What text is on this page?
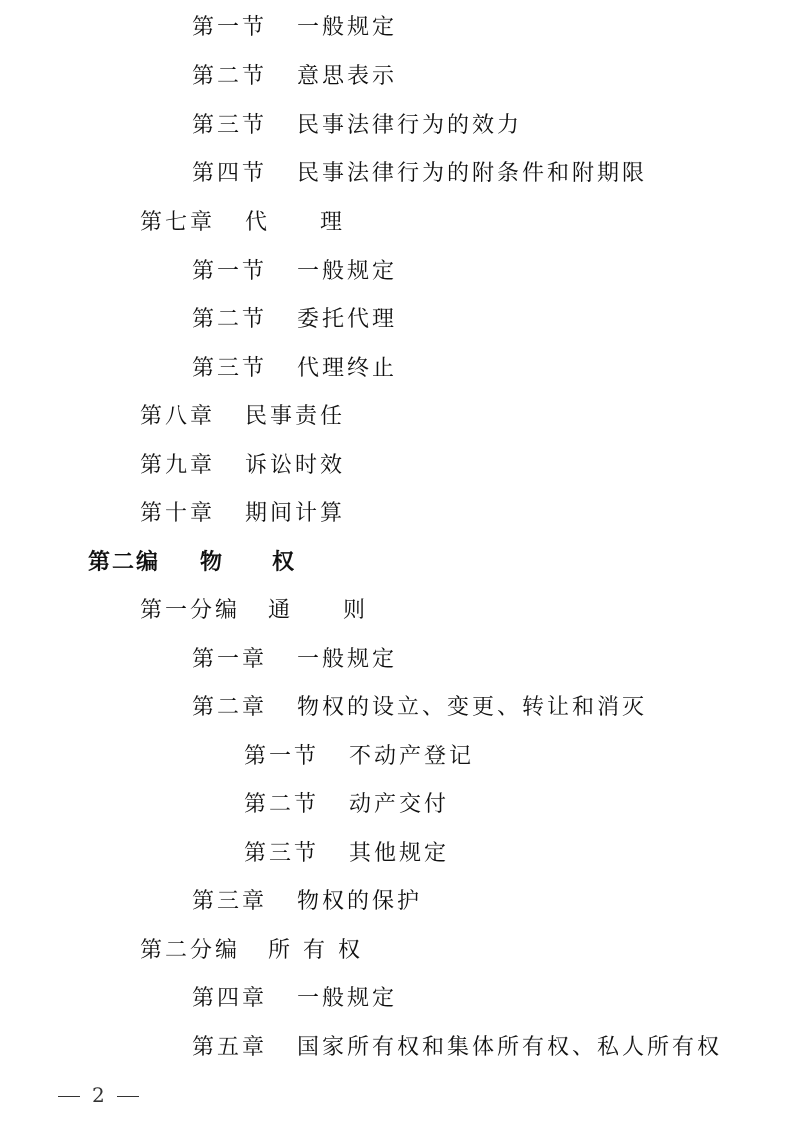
第一节 一般规定
第二节 意思表示
第三节 民事法律行为的效力
第四节 民事法律行为的附条件和附期限
第七章 代　　理
第一节 一般规定
第二节 委托代理
第三节 代理终止
第八章 民事责任
第九章 诉讼时效
第十章 期间计算
第二编 物　　权
第一分编 通　　则
第一章 一般规定
第二章 物权的设立、变更、转让和消灭
第一节 不动产登记
第二节 动产交付
第三节 其他规定
第三章 物权的保护
第二分编 所 有 权
第四章 一般规定
第五章 国家所有权和集体所有权、私人所有权
2
